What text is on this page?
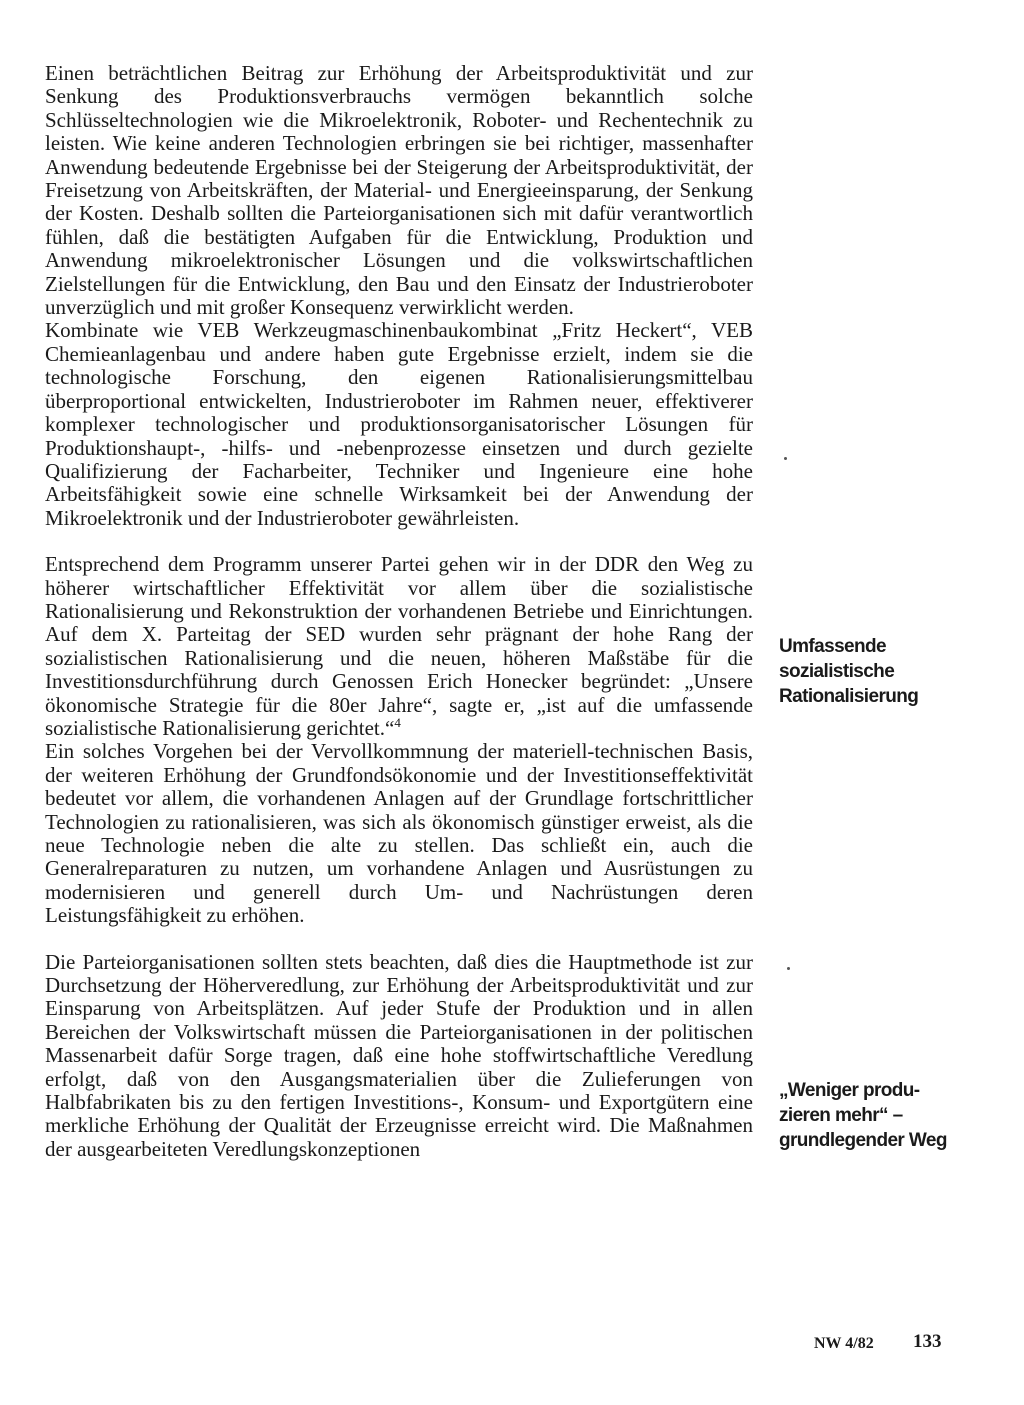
Einen beträchtlichen Beitrag zur Erhöhung der Arbeitsproduktivität und zur Senkung des Produktionsverbrauchs vermögen bekanntlich solche Schlüsseltechnologien wie die Mikroelektronik, Roboter- und Rechentechnik zu leisten. Wie keine anderen Technologien erbringen sie bei richtiger, massenhafter Anwendung bedeutende Ergebnisse bei der Steigerung der Arbeitsproduktivität, der Freisetzung von Arbeitskräften, der Material- und Energieeinsparung, der Senkung der Kosten. Deshalb sollten die Parteiorganisationen sich mit dafür verantwortlich fühlen, daß die bestätigten Aufgaben für die Entwicklung, Produktion und Anwendung mikroelektronischer Lösungen und die volkswirtschaftlichen Zielstellungen für die Entwicklung, den Bau und den Einsatz der Industrieroboter unverzüglich und mit großer Konsequenz verwirklicht werden.

Kombinate wie VEB Werkzeugmaschinenbaukombinat „Fritz Heckert“, VEB Chemieanlagenbau und andere haben gute Ergebnisse erzielt, indem sie die technologische Forschung, den eigenen Rationalisierungsmittelbau überproportional entwickelten, Industrieroboter im Rahmen neuer, effektiverer komplexer technologischer und produktionsorganisatorischer Lösungen für Produktionshaupt-, -hilfs- und -nebenprozesse einsetzen und durch gezielte Qualifizierung der Facharbeiter, Techniker und Ingenieure eine hohe Arbeitsfähigkeit sowie eine schnelle Wirksamkeit bei der Anwendung der Mikroelektronik und der Industrieroboter gewährleisten.

Entsprechend dem Programm unserer Partei gehen wir in der DDR den Weg zu höherer wirtschaftlicher Effektivität vor allem über die sozialistische Rationalisierung und Rekonstruktion der vorhandenen Betriebe und Einrichtungen. Auf dem X. Parteitag der SED wurden sehr prägnant der hohe Rang der sozialistischen Rationalisierung und die neuen, höheren Maßstäbe für die Investitionsdurchführung durch Genossen Erich Honecker begründet: „Unsere ökonomische Strategie für die 80er Jahre“, sagte er, „ist auf die umfassende sozialistische Rationalisierung gerichtet.“$^4$

Ein solches Vorgehen bei der Vervollkommnung der materiell-technischen Basis, der weiteren Erhöhung der Grundfondsökonomie und der Investitionseffektivität bedeutet vor allem, die vorhandenen Anlagen auf der Grundlage fortschrittlicher Technologien zu rationalisieren, was sich als ökonomisch günstiger erweist, als die neue Technologie neben die alte zu stellen. Das schließt ein, auch die Generalreparaturen zu nutzen, um vorhandene Anlagen und Ausrüstungen zu modernisieren und generell durch Um- und Nachrüstungen deren Leistungsfähigkeit zu erhöhen.

Die Parteiorganisationen sollten stets beachten, daß dies die Hauptmethode ist zur Durchsetzung der Höherveredlung, zur Erhöhung der Arbeitsproduktivität und zur Einsparung von Arbeitsplätzen. Auf jeder Stufe der Produktion und in allen Bereichen der Volkswirtschaft müssen die Parteiorganisationen in der politischen Massenarbeit dafür Sorge tragen, daß eine hohe stoffwirtschaftliche Veredlung erfolgt, daß von den Ausgangsmaterialien über die Zulieferungen von Halbfabrikaten bis zu den fertigen Investitions-, Konsum- und Exportgütern eine merkliche Erhöhung der Qualität der Erzeugnisse erreicht wird. Die Maßnahmen der ausgearbeiteten Veredlungskonzeptionen

Umfassende
sozialistische
Rationalisierung
„Weniger produ-
zieren mehr“ –
grundlegender Weg
NW 4/82 133
